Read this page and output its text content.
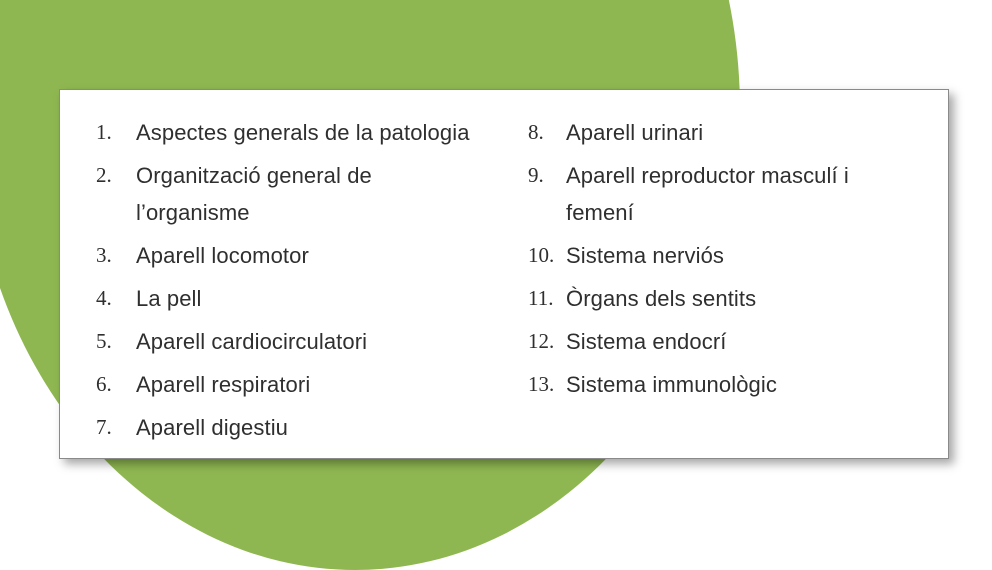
1.	Aspectes generals de la patologia
2.	Organització general de l’organisme
3.	Aparell locomotor
4.	La pell
5.	Aparell cardiocirculatori
6.	Aparell respiratori
7.	Aparell digestiu
8.	Aparell urinari
9.	Aparell reproductor masculí i femení
10. Sistema nerviós
11. Òrgans dels sentits
12. Sistema endocrí
13. Sistema immunològic
